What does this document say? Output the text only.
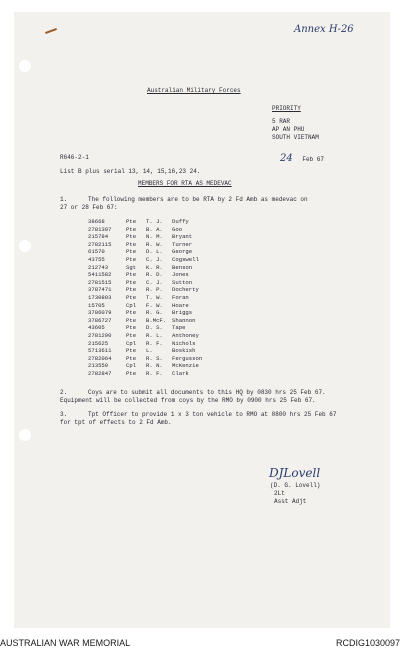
Annex H-26
Australian Military Forces
PRIORITY
5 RAR
AP AN PHU
SOUTH VIETNAM
24 Feb 67
R646-2-1
List B plus serial 13, 14, 15,16,23 24.
MEMBERS FOR RTA AS MEDEVAC
1.	The following members are to be RTA by 2 Fd Amb as medevac on
27 or 28 Feb 67:
38668	Pte T. J. Duffy
2781397	Pte B. A. Goo
215784	Pte N. M. Bryant
2782115	Pte R. W. Turner
61570	Pte D. L. George
43755	Pte C. J. Cogswell
212743	Sgt K. R. Benson
5411582	Pte R. D. Jones
2781515	Pte C. J. Sutton
3787471	Pte R. P. Docherty
1730803	Pte T. W. Foran
15705	Cpl F. W. Hoare
3786079	Pte R. G. Briggs
3786727	Pte B.McF. Shannon
43605	Pte D. S. Tape
2781290	Pte R. L. Anthoney
215625	Cpl R. F. Nichols
5713611	Pte L.	Boskish
2782064	Pte R. S. Fergusson
213559	Cpl R. N. McKenzie
2782847	Pte R. F. Clark
2.	Coys are to submit all documents to this HQ by 0830 hrs 25 Feb 67.
Equipment will be collected from coys by the RMO by 0900 hrs 25 Feb 67.
3.	Tpt Officer to provide 1 x 3 ton vehicle to RMO at 0800 hrs 25 Feb 67
for tpt of effects to 2 Fd Amb.
DJLovell
(D. G. Lovell)
2Lt
Asst Adjt
AUSTRALIAN WAR MEMORIAL	RCDIG1030097
